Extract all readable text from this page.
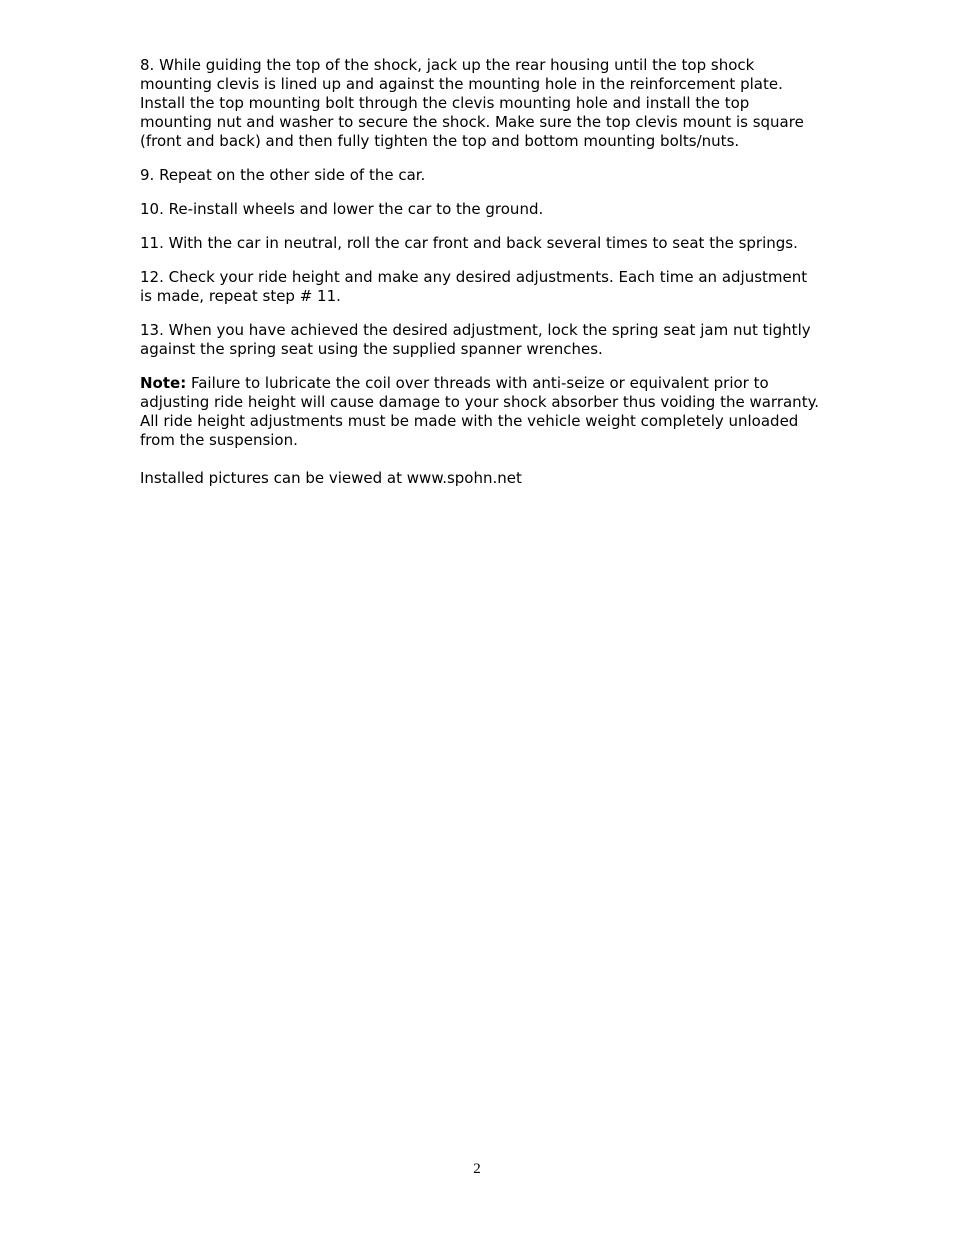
8. While guiding the top of the shock, jack up the rear housing until the top shock mounting clevis is lined up and against the mounting hole in the reinforcement plate. Install the top mounting bolt through the clevis mounting hole and install the top mounting nut and washer to secure the shock. Make sure the top clevis mount is square (front and back) and then fully tighten the top and bottom mounting bolts/nuts.

9. Repeat on the other side of the car.

10. Re-install wheels and lower the car to the ground.

11. With the car in neutral, roll the car front and back several times to seat the springs.

12. Check your ride height and make any desired adjustments. Each time an adjustment is made, repeat step # 11.

13. When you have achieved the desired adjustment, lock the spring seat jam nut tightly against the spring seat using the supplied spanner wrenches.

Note: Failure to lubricate the coil over threads with anti-seize or equivalent prior to adjusting ride height will cause damage to your shock absorber thus voiding the warranty. All ride height adjustments must be made with the vehicle weight completely unloaded from the suspension.

Installed pictures can be viewed at www.spohn.net

2
